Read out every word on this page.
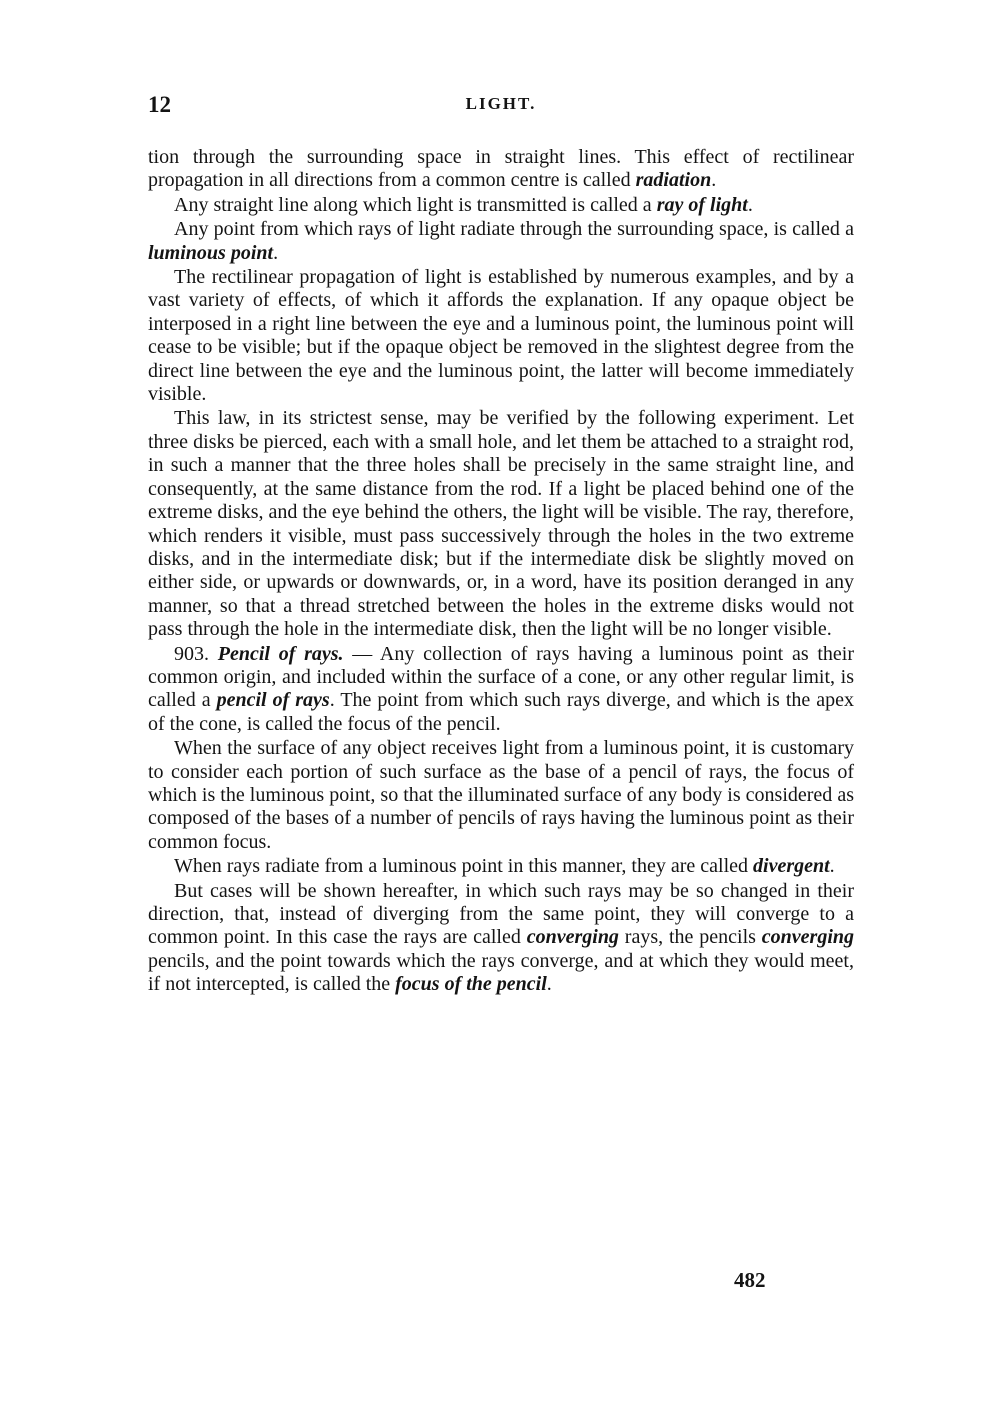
12	LIGHT.

tion through the surrounding space in straight lines. This effect of rectilinear propagation in all directions from a common centre is called radiation.

Any straight line along which light is transmitted is called a ray of light.

Any point from which rays of light radiate through the surrounding space, is called a luminous point.

The rectilinear propagation of light is established by numerous examples, and by a vast variety of effects, of which it affords the explanation. If any opaque object be interposed in a right line between the eye and a luminous point, the luminous point will cease to be visible; but if the opaque object be removed in the slightest degree from the direct line between the eye and the luminous point, the latter will become immediately visible.

This law, in its strictest sense, may be verified by the following experiment. Let three disks be pierced, each with a small hole, and let them be attached to a straight rod, in such a manner that the three holes shall be precisely in the same straight line, and consequently, at the same distance from the rod. If a light be placed behind one of the extreme disks, and the eye behind the others, the light will be visible. The ray, therefore, which renders it visible, must pass successively through the holes in the two extreme disks, and in the intermediate disk; but if the intermediate disk be slightly moved on either side, or upwards or downwards, or, in a word, have its position deranged in any manner, so that a thread stretched between the holes in the extreme disks would not pass through the hole in the intermediate disk, then the light will be no longer visible.

903. Pencil of rays. — Any collection of rays having a luminous point as their common origin, and included within the surface of a cone, or any other regular limit, is called a pencil of rays. The point from which such rays diverge, and which is the apex of the cone, is called the focus of the pencil.

When the surface of any object receives light from a luminous point, it is customary to consider each portion of such surface as the base of a pencil of rays, the focus of which is the luminous point, so that the illuminated surface of any body is considered as composed of the bases of a number of pencils of rays having the luminous point as their common focus.

When rays radiate from a luminous point in this manner, they are called divergent.

But cases will be shown hereafter, in which such rays may be so changed in their direction, that, instead of diverging from the same point, they will converge to a common point. In this case the rays are called converging rays, the pencils converging pencils, and the point towards which the rays converge, and at which they would meet, if not intercepted, is called the focus of the pencil.

482
